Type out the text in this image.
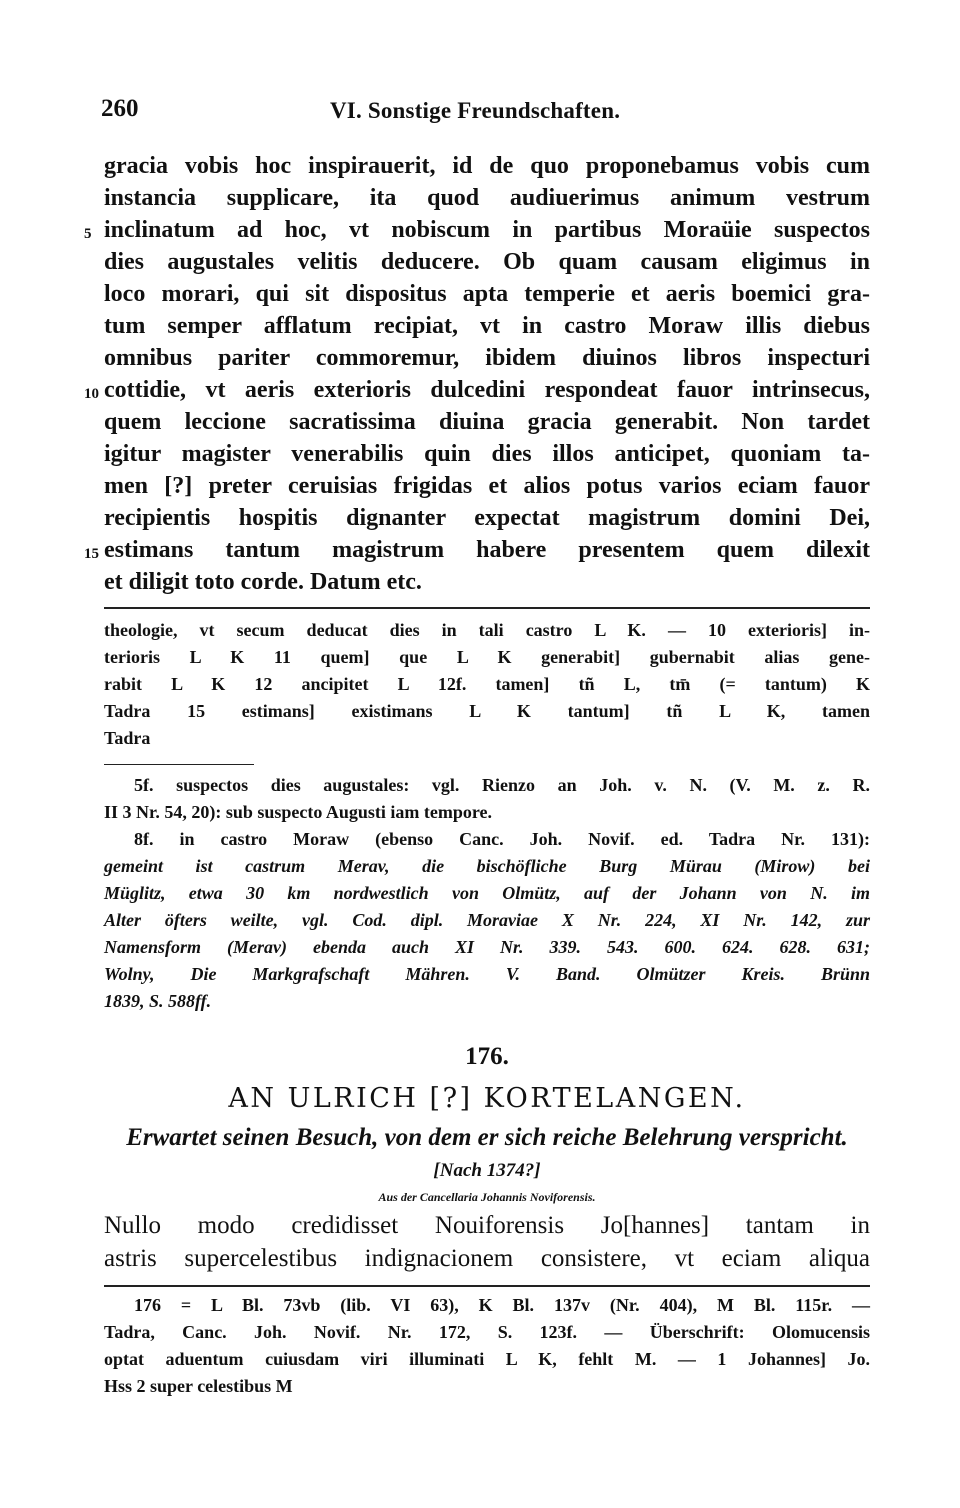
260	VI. Sonstige Freundschaften.
gracia vobis hoc inspirauerit, id de quo proponebamus vobis cum
instancia supplicare, ita quod audiuerimus animum vestrum
inclinatum ad hoc, vt nobiscum in partibus Moraüie suspectos
dies augustales velitis deducere. Ob quam causam eligimus in
loco morari, qui sit dispositus apta temperie et aeris boemici gra-
tum semper afflatum recipiat, vt in castro Moraw illis diebus
omnibus pariter commoremur, ibidem diuinos libros inspecturi
cottidie, vt aeris exterioris dulcedini respondeat fauor intrinsecus,
quem leccione sacratissima diuina gracia generabit. Non tardet
igitur magister venerabilis quin dies illos anticipet, quoniam ta-
men [?] preter ceruisias frigidas et alios potus varios eciam fauor
recipientis hospitis dignanter expectat magistrum domini Dei,
estimans tantum magistrum habere presentem quem dilexit
et diligit toto corde. Datum etc.
5
10
15
theologie, vt secum deducat dies in tali castro L K. — 10 exterioris] in-
terioris L K 11 quem] que L K generabit] gubernabit alias gene-
rabit L K 12 ancipitet L 12f. tamen] tñ L, tm̄ (= tantum) K
Tadra 15 estimans] existimans L K tantum] tñ L K, tamen
Tadra
5f. suspectos dies augustales: vgl. Rienzo an Joh. v. N. (V. M. z. R.
II 3 Nr. 54, 20): sub suspecto Augusti iam tempore.
8f. in castro Moraw (ebenso Canc. Joh. Novif. ed. Tadra Nr. 131):
gemeint ist castrum Merav, die bischöfliche Burg Mürau (Mirow) bei
Müglitz, etwa 30 km nordwestlich von Olmütz, auf der Johann von N. im
Alter öfters weilte, vgl. Cod. dipl. Moraviae X Nr. 224, XI Nr. 142, zur
Namensform (Merav) ebenda auch XI Nr. 339. 543. 600. 624. 628. 631;
Wolny, Die Markgrafschaft Mähren. V. Band. Olmützer Kreis. Brünn
1839, S. 588ff.
176.
AN ULRICH [?] KORTELANGEN.
Erwartet seinen Besuch, von dem er sich reiche Belehrung verspricht.
[Nach 1374?]
Aus der Cancellaria Johannis Noviforensis.
Nullo modo credidisset Nouiforensis Jo[hannes] tantam in
astris supercelestibus indignacionem consistere, vt eciam aliqua
176 = L Bl. 73vb (lib. VI 63), K Bl. 137v (Nr. 404), M Bl. 115r. —
Tadra, Canc. Joh. Novif. Nr. 172, S. 123f. — Überschrift: Olomucensis
optat aduentum cuiusdam viri illuminati L K, fehlt M. — 1 Johannes] Jo.
Hss 2 super celestibus M
